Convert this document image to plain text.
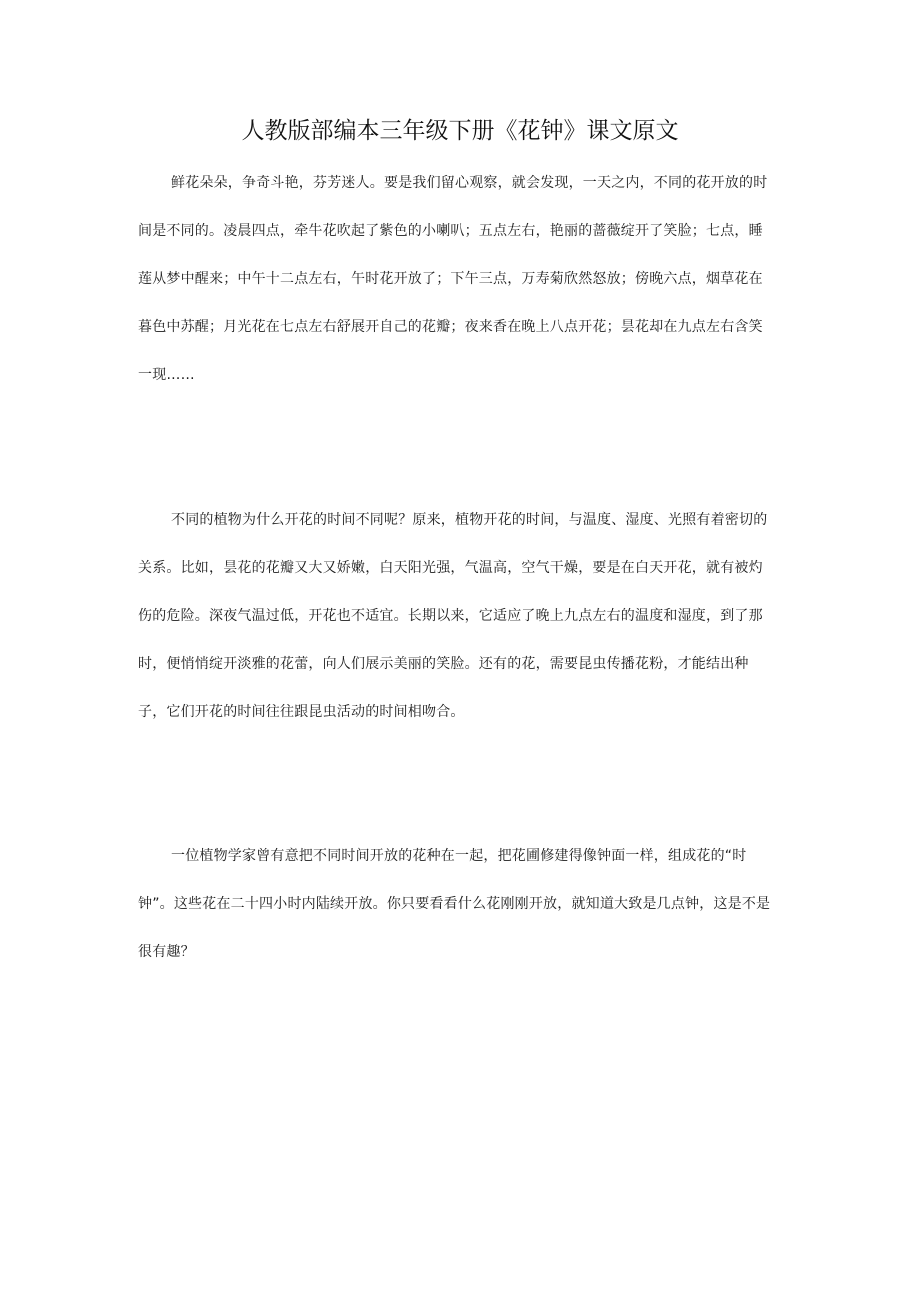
人教版部编本三年级下册《花钟》课文原文

鲜花朵朵，争奇斗艳，芬芳迷人。要是我们留心观察，就会发现，一天之内，不同的花开放的时间是不同的。凌晨四点，牵牛花吹起了紫色的小喇叭；五点左右，艳丽的蔷薇绽开了笑脸；七点，睡莲从梦中醒来；中午十二点左右，午时花开放了；下午三点，万寿菊欣然怒放；傍晚六点，烟草花在暮色中苏醒；月光花在七点左右舒展开自己的花瓣；夜来香在晚上八点开花；昙花却在九点左右含笑一现……

不同的植物为什么开花的时间不同呢？原来，植物开花的时间，与温度、湿度、光照有着密切的关系。比如，昙花的花瓣又大又娇嫩，白天阳光强，气温高，空气干燥，要是在白天开花，就有被灼伤的危险。深夜气温过低，开花也不适宜。长期以来，它适应了晚上九点左右的温度和湿度，到了那时，便悄悄绽开淡雅的花蕾，向人们展示美丽的笑脸。还有的花，需要昆虫传播花粉，才能结出种子，它们开花的时间往往跟昆虫活动的时间相吻合。

一位植物学家曾有意把不同时间开放的花种在一起，把花圃修建得像钟面一样，组成花的“时钟”。这些花在二十四小时内陆续开放。你只要看看什么花刚刚开放，就知道大致是几点钟，这是不是很有趣？
